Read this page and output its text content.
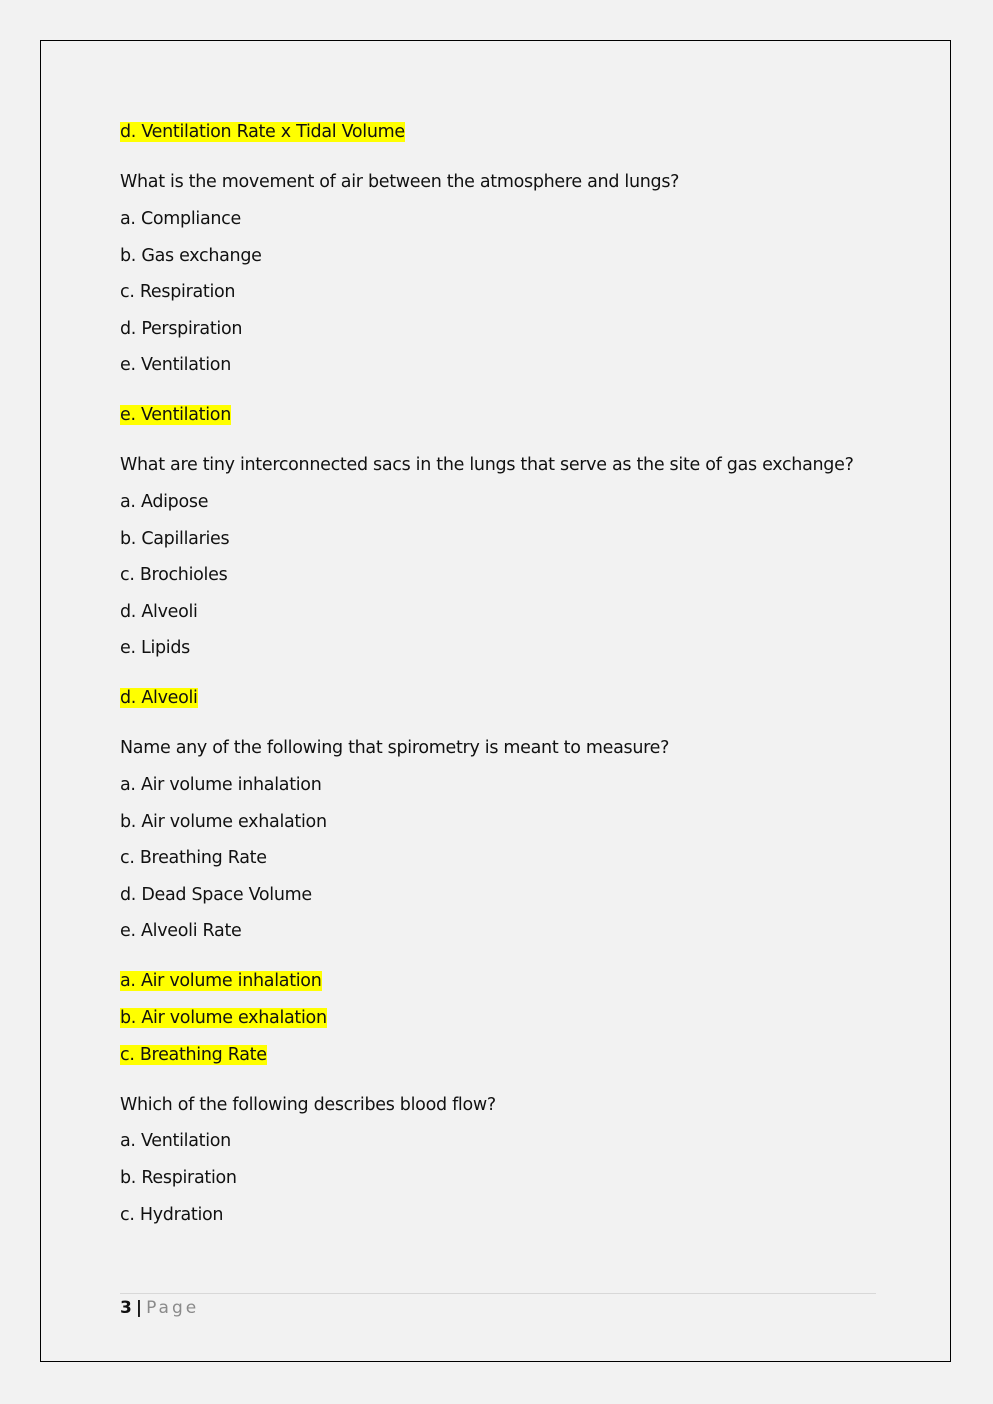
d. Ventilation Rate x Tidal Volume
What is the movement of air between the atmosphere and lungs?
a. Compliance
b. Gas exchange
c. Respiration
d. Perspiration
e. Ventilation
e. Ventilation
What are tiny interconnected sacs in the lungs that serve as the site of gas exchange?
a. Adipose
b. Capillaries
c. Brochioles
d. Alveoli
e. Lipids
d. Alveoli
Name any of the following that spirometry is meant to measure?
a. Air volume inhalation
b. Air volume exhalation
c. Breathing Rate
d. Dead Space Volume
e. Alveoli Rate
a. Air volume inhalation
b. Air volume exhalation
c. Breathing Rate
Which of the following describes blood flow?
a. Ventilation
b. Respiration
c. Hydration
3 | Page
